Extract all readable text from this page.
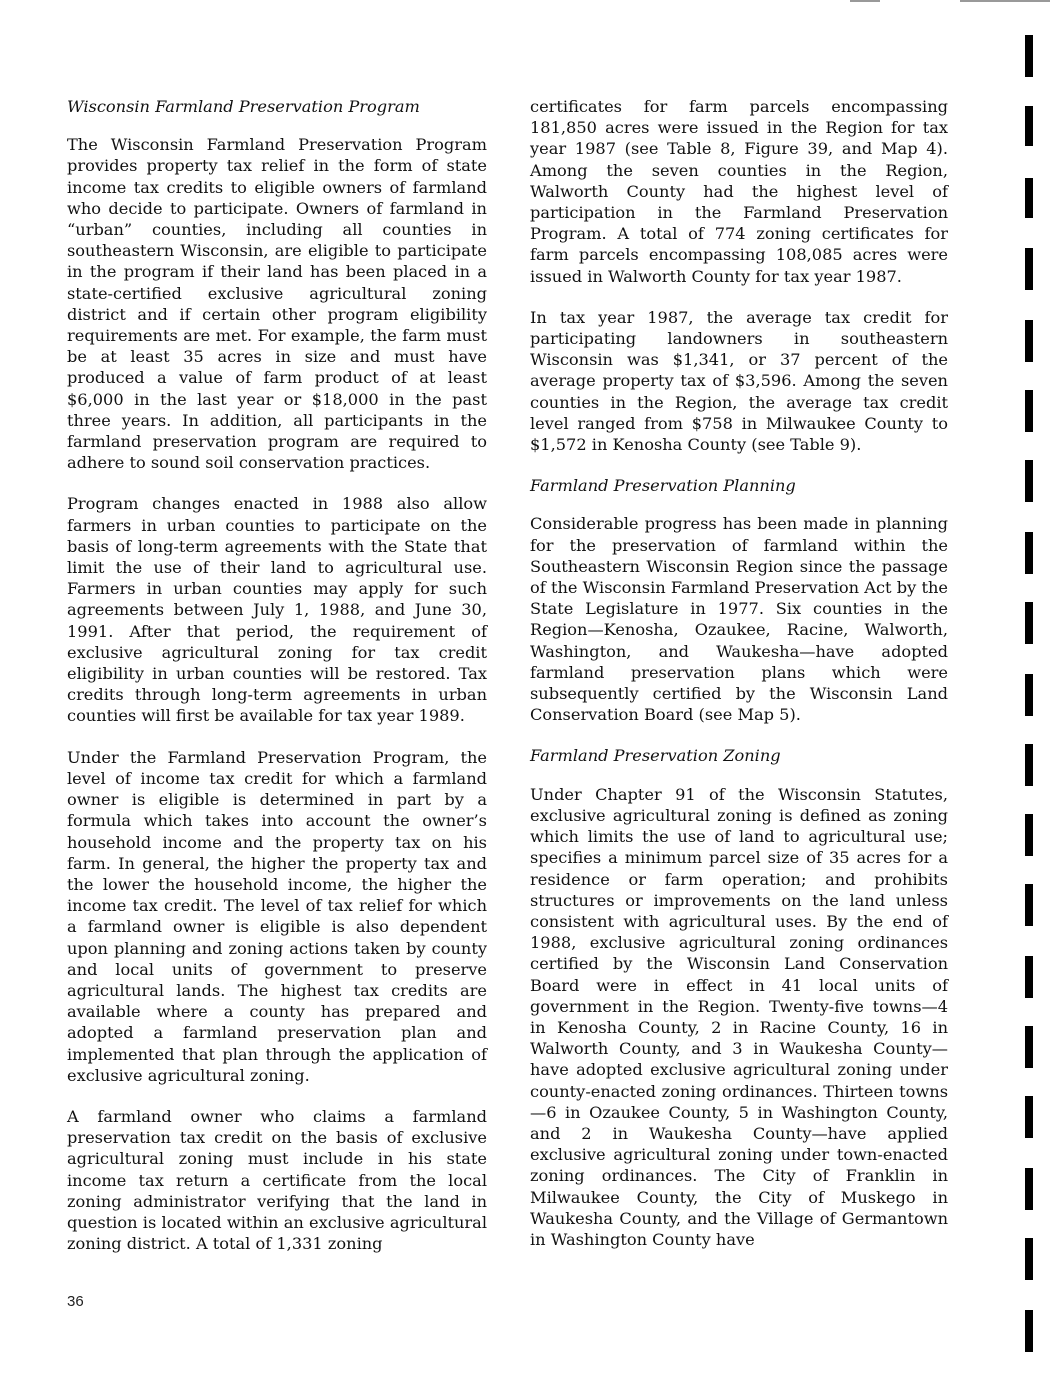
Wisconsin Farmland Preservation Program

The Wisconsin Farmland Preservation Program provides property tax relief in the form of state income tax credits to eligible owners of farmland who decide to participate. Owners of farmland in “urban” counties, including all counties in southeastern Wisconsin, are eligible to participate in the program if their land has been placed in a state-certified exclusive agricultural zoning district and if certain other program eligibility requirements are met. For example, the farm must be at least 35 acres in size and must have produced a value of farm product of at least $6,000 in the last year or $18,000 in the past three years. In addition, all participants in the farmland preservation program are required to adhere to sound soil conservation practices.

Program changes enacted in 1988 also allow farmers in urban counties to participate on the basis of long-term agreements with the State that limit the use of their land to agricultural use. Farmers in urban counties may apply for such agreements between July 1, 1988, and June 30, 1991. After that period, the requirement of exclusive agricultural zoning for tax credit eligibility in urban counties will be restored. Tax credits through long-term agreements in urban counties will first be available for tax year 1989.

Under the Farmland Preservation Program, the level of income tax credit for which a farmland owner is eligible is determined in part by a formula which takes into account the owner’s household income and the property tax on his farm. In general, the higher the property tax and the lower the household income, the higher the income tax credit. The level of tax relief for which a farmland owner is eligible is also dependent upon planning and zoning actions taken by county and local units of government to preserve agricultural lands. The highest tax credits are available where a county has prepared and adopted a farmland preservation plan and implemented that plan through the application of exclusive agricultural zoning.

A farmland owner who claims a farmland preservation tax credit on the basis of exclusive agricultural zoning must include in his state income tax return a certificate from the local zoning administrator verifying that the land in question is located within an exclusive agricultural zoning district. A total of 1,331 zoning

certificates for farm parcels encompassing 181,850 acres were issued in the Region for tax year 1987 (see Table 8, Figure 39, and Map 4). Among the seven counties in the Region, Walworth County had the highest level of participation in the Farmland Preservation Program. A total of 774 zoning certificates for farm parcels encompassing 108,085 acres were issued in Walworth County for tax year 1987.

In tax year 1987, the average tax credit for participating landowners in southeastern Wisconsin was $1,341, or 37 percent of the average property tax of $3,596. Among the seven counties in the Region, the average tax credit level ranged from $758 in Milwaukee County to $1,572 in Kenosha County (see Table 9).

Farmland Preservation Planning

Considerable progress has been made in planning for the preservation of farmland within the Southeastern Wisconsin Region since the passage of the Wisconsin Farmland Preservation Act by the State Legislature in 1977. Six counties in the Region—Kenosha, Ozaukee, Racine, Walworth, Washington, and Waukesha—have adopted farmland preservation plans which were subsequently certified by the Wisconsin Land Conservation Board (see Map 5).

Farmland Preservation Zoning

Under Chapter 91 of the Wisconsin Statutes, exclusive agricultural zoning is defined as zoning which limits the use of land to agricultural use; specifies a minimum parcel size of 35 acres for a residence or farm operation; and prohibits structures or improvements on the land unless consistent with agricultural uses. By the end of 1988, exclusive agricultural zoning ordinances certified by the Wisconsin Land Conservation Board were in effect in 41 local units of government in the Region. Twenty-five towns—4 in Kenosha County, 2 in Racine County, 16 in Walworth County, and 3 in Waukesha County—have adopted exclusive agricultural zoning under county-enacted zoning ordinances. Thirteen towns—6 in Ozaukee County, 5 in Washington County, and 2 in Waukesha County—have applied exclusive agricultural zoning under town-enacted zoning ordinances. The City of Franklin in Milwaukee County, the City of Muskego in Waukesha County, and the Village of Germantown in Washington County have

36
